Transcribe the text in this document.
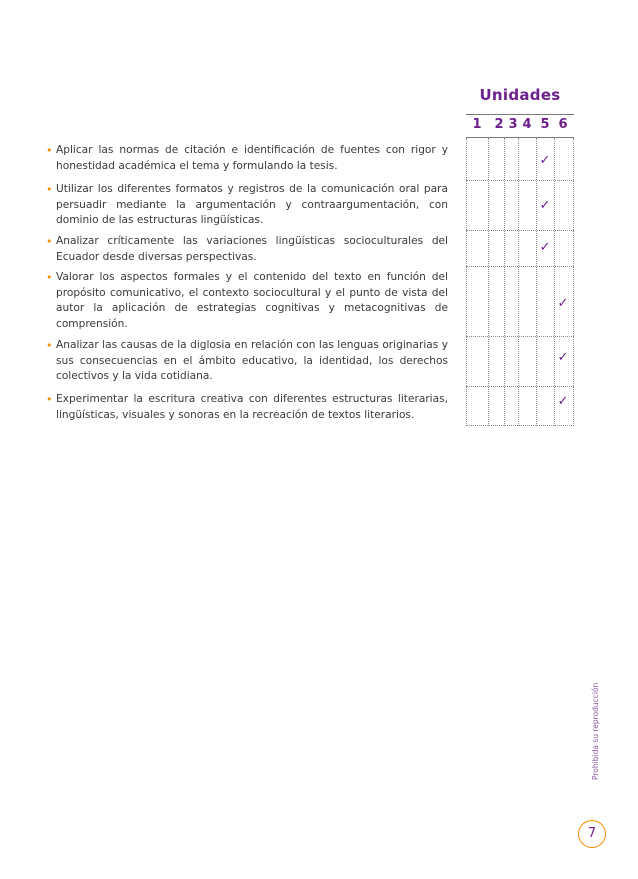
Unidades
1 2 3 4 5 6
✓
✓
✓
✓
✓
✓
• Aplicar las normas de citación e identificación de fuentes con rigor y honestidad académica el tema y formulando la tesis.
• Utilizar los diferentes formatos y registros de la comunicación oral para persuadir mediante la argumentación y contraargumentación, con dominio de las estructuras lingüísticas.
• Analizar críticamente las variaciones lingüísticas socioculturales del Ecuador desde diversas perspectivas.
• Valorar los aspectos formales y el contenido del texto en función del propósito comunicativo, el contexto sociocultural y el punto de vista del autor la aplicación de estrategias cognitivas y metacognitivas de comprensión.
• Analizar las causas de la diglosia en relación con las lenguas originarias y sus consecuencias en el ámbito educativo, la identidad, los derechos colectivos y la vida cotidiana.
• Experimentar la escritura creativa con diferentes estructuras literarias, lingüísticas, visuales y sonoras en la recreación de textos literarios.
Prohibida su reproducción
7
